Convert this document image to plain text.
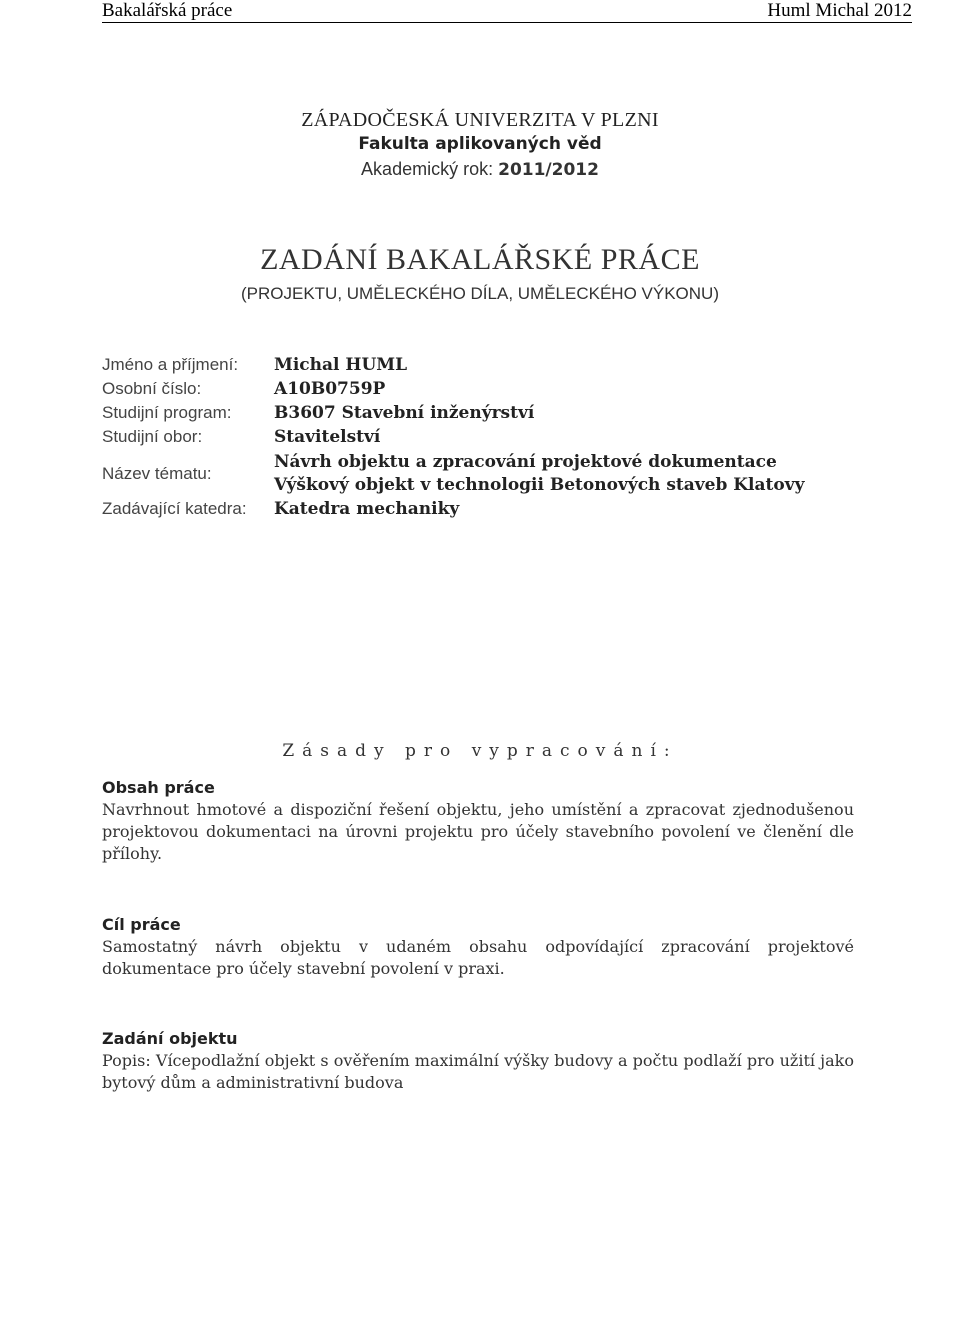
Bakalářská práce	Huml Michal 2012
ZÁPADOČESKÁ UNIVERZITA V PLZNI
Fakulta aplikovaných věd
Akademický rok: 2011/2012
ZADÁNÍ BAKALÁŘSKÉ PRÁCE
(PROJEKTU, UMĚLECKÉHO DÍLA, UMĚLECKÉHO VÝKONU)
Jméno a příjmení: Michal HUML
Osobní číslo:	A10B0759P
Studijní program:	B3607 Stavební inženýrství
Studijní obor:	Stavitelství
Název tématu:
Návrh objektu a zpracování projektové dokumentace
Výškový objekt v technologii Betonových staveb Klatovy
Zadávající katedra: Katedra mechaniky
Zásady pro vypracování:
Obsah práce
Navrhnout hmotové a dispoziční řešení objektu, jeho umístění a zpracovat zjednodušenou projektovou dokumentaci na úrovni projektu pro účely stavebního povolení ve členění dle přílohy.
Cíl práce
Samostatný návrh objektu v udaném obsahu odpovídající zpracování projektové dokumentace pro účely stavební povolení v praxi.
Zadání objektu
Popis: Vícepodlažní objekt s ověřením maximální výšky budovy a počtu podlaží pro užití jako bytový dům a administrativní budova
